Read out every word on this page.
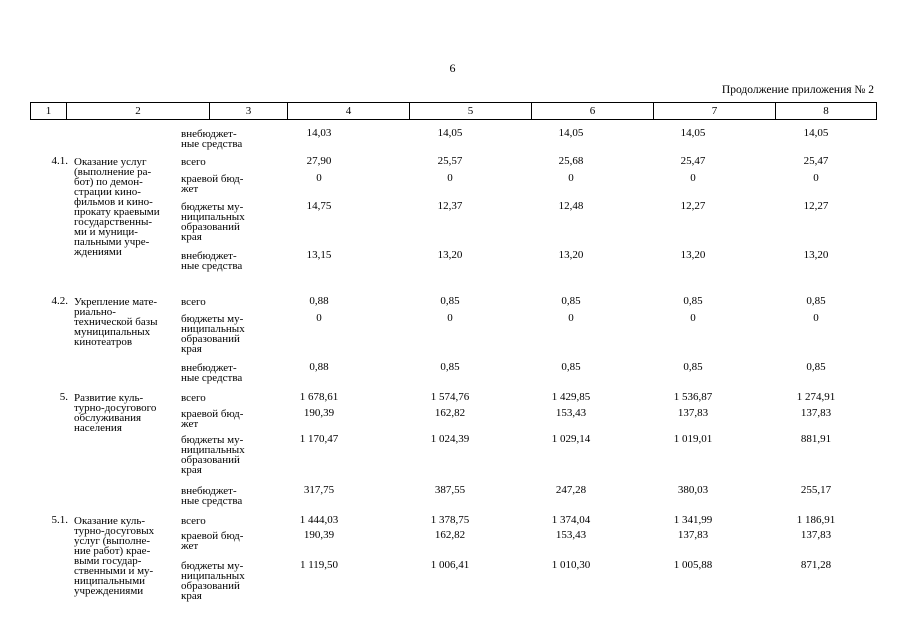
6
Продолжение приложения № 2
1	2	3	4	5	6	7	8
внебюджет-
ные средства
14,03	14,05	14,05	14,05	14,05
4.1. Оказание услуг
(выполнение ра-
бот) по демон-
страции кино-
фильмов и кино-
прокату краевыми
государственны-
ми и муници-
пальными учре-
ждениями
всего	27,90	25,57	25,68	25,47	25,47
краевой бюд-
жет
0	0	0	0	0
бюджеты му-
ниципальных
образований
края
14,75	12,37	12,48	12,27	12,27
внебюджет-
ные средства
13,15	13,20	13,20	13,20	13,20
4.2. Укрепление мате-
риально-
технической базы
муниципальных
кинотеатров
всего	0,88	0,85	0,85	0,85	0,85
бюджеты му-
ниципальных
образований
края
0	0	0	0	0
внебюджет-
ные средства
0,88	0,85	0,85	0,85	0,85
5. Развитие куль-
турно-досугового
обслуживания
населения
всего	1 678,61	1 574,76	1 429,85	1 536,87	1 274,91
краевой бюд-
жет
190,39	162,82	153,43	137,83	137,83
бюджеты му-
ниципальных
образований
края
1 170,47	1 024,39	1 029,14	1 019,01	881,91
внебюджет-
ные средства
317,75	387,55	247,28	380,03	255,17
5.1. Оказание куль-
турно-досуговых
услуг (выполне-
ние работ) крае-
выми государ-
ственными и му-
ниципальными
учреждениями
всего	1 444,03	1 378,75	1 374,04	1 341,99	1 186,91
краевой бюд-
жет
190,39	162,82	153,43	137,83	137,83
бюджеты му-
ниципальных
образований
края
1 119,50	1 006,41	1 010,30	1 005,88	871,28
